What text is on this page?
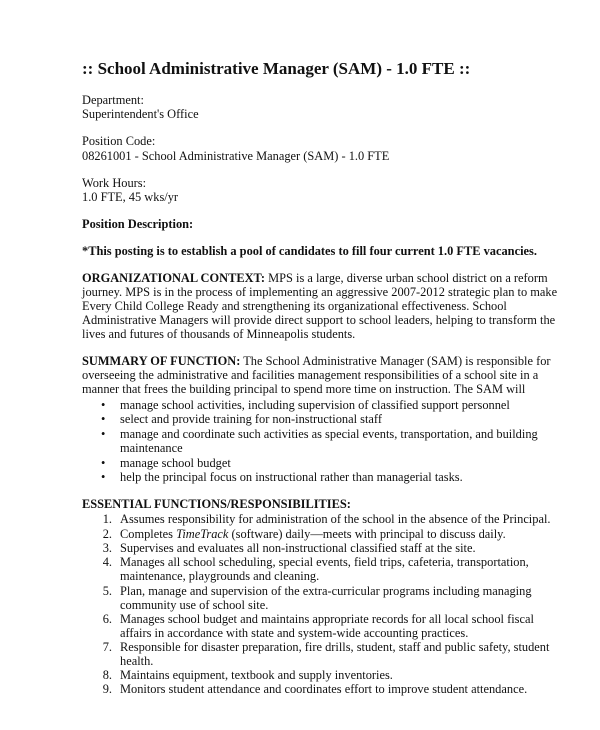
:: School Administrative Manager (SAM) - 1.0 FTE ::
Department:
Superintendent's Office
Position Code:
08261001 - School Administrative Manager (SAM) - 1.0 FTE
Work Hours:
1.0 FTE, 45 wks/yr
Position Description:
*This posting is to establish a pool of candidates to fill four current 1.0 FTE vacancies.
ORGANIZATIONAL CONTEXT: MPS is a large, diverse urban school district on a reform
journey. MPS is in the process of implementing an aggressive 2007-2012 strategic plan to make
Every Child College Ready and strengthening its organizational effectiveness. School
Administrative Managers will provide direct support to school leaders, helping to transform the
lives and futures of thousands of Minneapolis students.
SUMMARY OF FUNCTION: The School Administrative Manager (SAM) is responsible for
overseeing the administrative and facilities management responsibilities of a school site in a
manner that frees the building principal to spend more time on instruction. The SAM will
•	manage school activities, including supervision of classified support personnel
•	select and provide training for non-instructional staff
•	manage and coordinate such activities as special events, transportation, and building
maintenance
•	manage school budget
•	help the principal focus on instructional rather than managerial tasks.
ESSENTIAL FUNCTIONS/RESPONSIBILITIES:
1. Assumes responsibility for administration of the school in the absence of the Principal.
2. Completes TimeTrack (software) daily—meets with principal to discuss daily.
3. Supervises and evaluates all non-instructional classified staff at the site.
4. Manages all school scheduling, special events, field trips, cafeteria, transportation,
maintenance, playgrounds and cleaning.
5. Plan, manage and supervision of the extra-curricular programs including managing
community use of school site.
6. Manages school budget and maintains appropriate records for all local school fiscal
affairs in accordance with state and system-wide accounting practices.
7. Responsible for disaster preparation, fire drills, student, staff and public safety, student
health.
8. Maintains equipment, textbook and supply inventories.
9. Monitors student attendance and coordinates effort to improve student attendance.
